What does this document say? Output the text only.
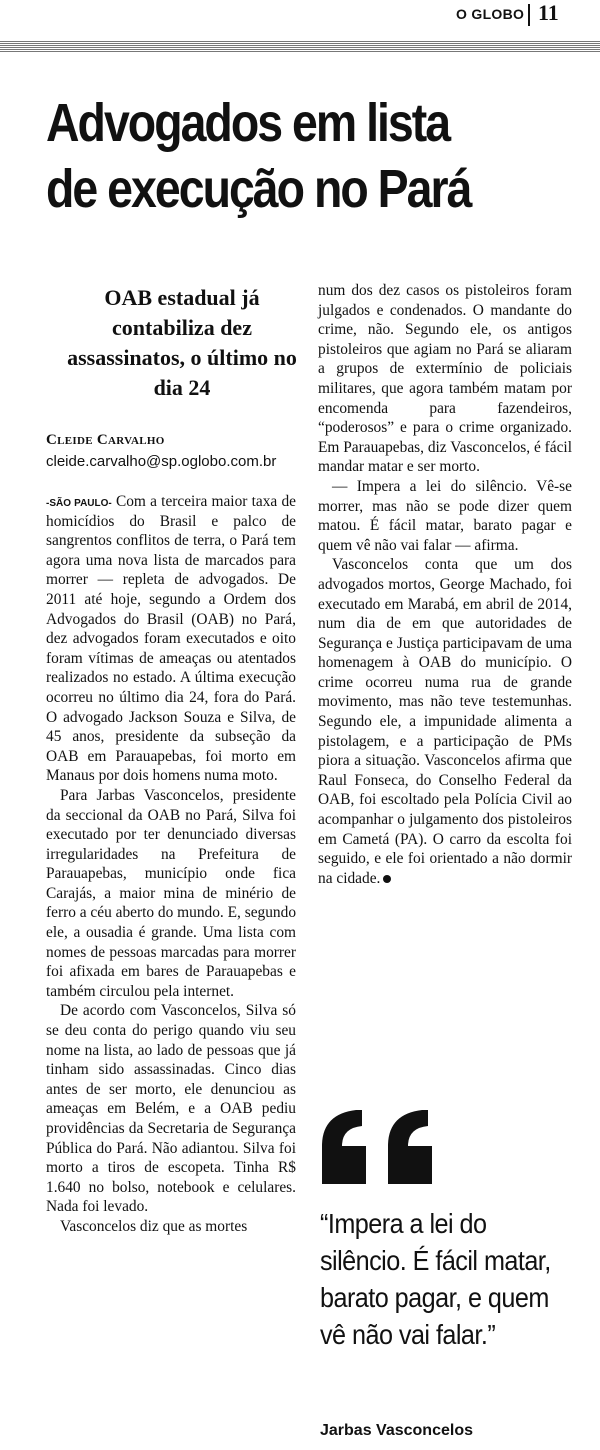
O GLOBO 11
Advogados em lista
de execução no Pará

OAB estadual já contabiliza dez assassinatos, o último no dia 24

Cleide Carvalho
cleide.carvalho@sp.oglobo.com.br

-SÃO PAULO- Com a terceira maior taxa de homicídios do Brasil e palco de sangrentos conflitos de terra, o Pará tem agora uma nova lista de marcados para morrer — repleta de advogados. De 2011 até hoje, segundo a Ordem dos Advogados do Brasil (OAB) no Pará, dez advogados foram executados e oito foram vítimas de ameaças ou atentados realizados no estado. A última execução ocorreu no último dia 24, fora do Pará. O advogado Jackson Souza e Silva, de 45 anos, presidente da subseção da OAB em Parauapebas, foi morto em Manaus por dois homens numa moto.

Para Jarbas Vasconcelos, presidente da seccional da OAB no Pará, Silva foi executado por ter denunciado diversas irregularidades na Prefeitura de Parauapebas, município onde fica Carajás, a maior mina de minério de ferro a céu aberto do mundo. E, segundo ele, a ousadia é grande. Uma lista com nomes de pessoas marcadas para morrer foi afixada em bares de Parauapebas e também circulou pela internet.

De acordo com Vasconcelos, Silva só se deu conta do perigo quando viu seu nome na lista, ao lado de pessoas que já tinham sido assassinadas. Cinco dias antes de ser morto, ele denunciou as ameaças em Belém, e a OAB pediu providências da Secretaria de Segurança Pública do Pará. Não adiantou. Silva foi morto a tiros de escopeta. Tinha R$ 1.640 no bolso, notebook e celulares. Nada foi levado.

Vasconcelos diz que as mortes

num dos dez casos os pistoleiros foram julgados e condenados. O mandante do crime, não. Segundo ele, os antigos pistoleiros que agiam no Pará se aliaram a grupos de extermínio de policiais militares, que agora também matam por encomenda para fazendeiros, “poderosos” e para o crime organizado. Em Parauapebas, diz Vasconcelos, é fácil mandar matar e ser morto.

— Impera a lei do silêncio. Vê-se morrer, mas não se pode dizer quem matou. É fácil matar, barato pagar e quem vê não vai falar — afirma.

Vasconcelos conta que um dos advogados mortos, George Machado, foi executado em Marabá, em abril de 2014, num dia de em que autoridades de Segurança e Justiça participavam de uma homenagem à OAB do município. O crime ocorreu numa rua de grande movimento, mas não teve testemunhas. Segundo ele, a impunidade alimenta a pistolagem, e a participação de PMs piora a situação. Vasconcelos afirma que Raul Fonseca, do Conselho Federal da OAB, foi escoltado pela Polícia Civil ao acompanhar o julgamento dos pistoleiros em Cametá (PA). O carro da escolta foi seguido, e ele foi orientado a não dormir na cidade.

“Impera a lei do silêncio. É fácil matar, barato pagar, e quem vê não vai falar.”

Jarbas Vasconcelos
